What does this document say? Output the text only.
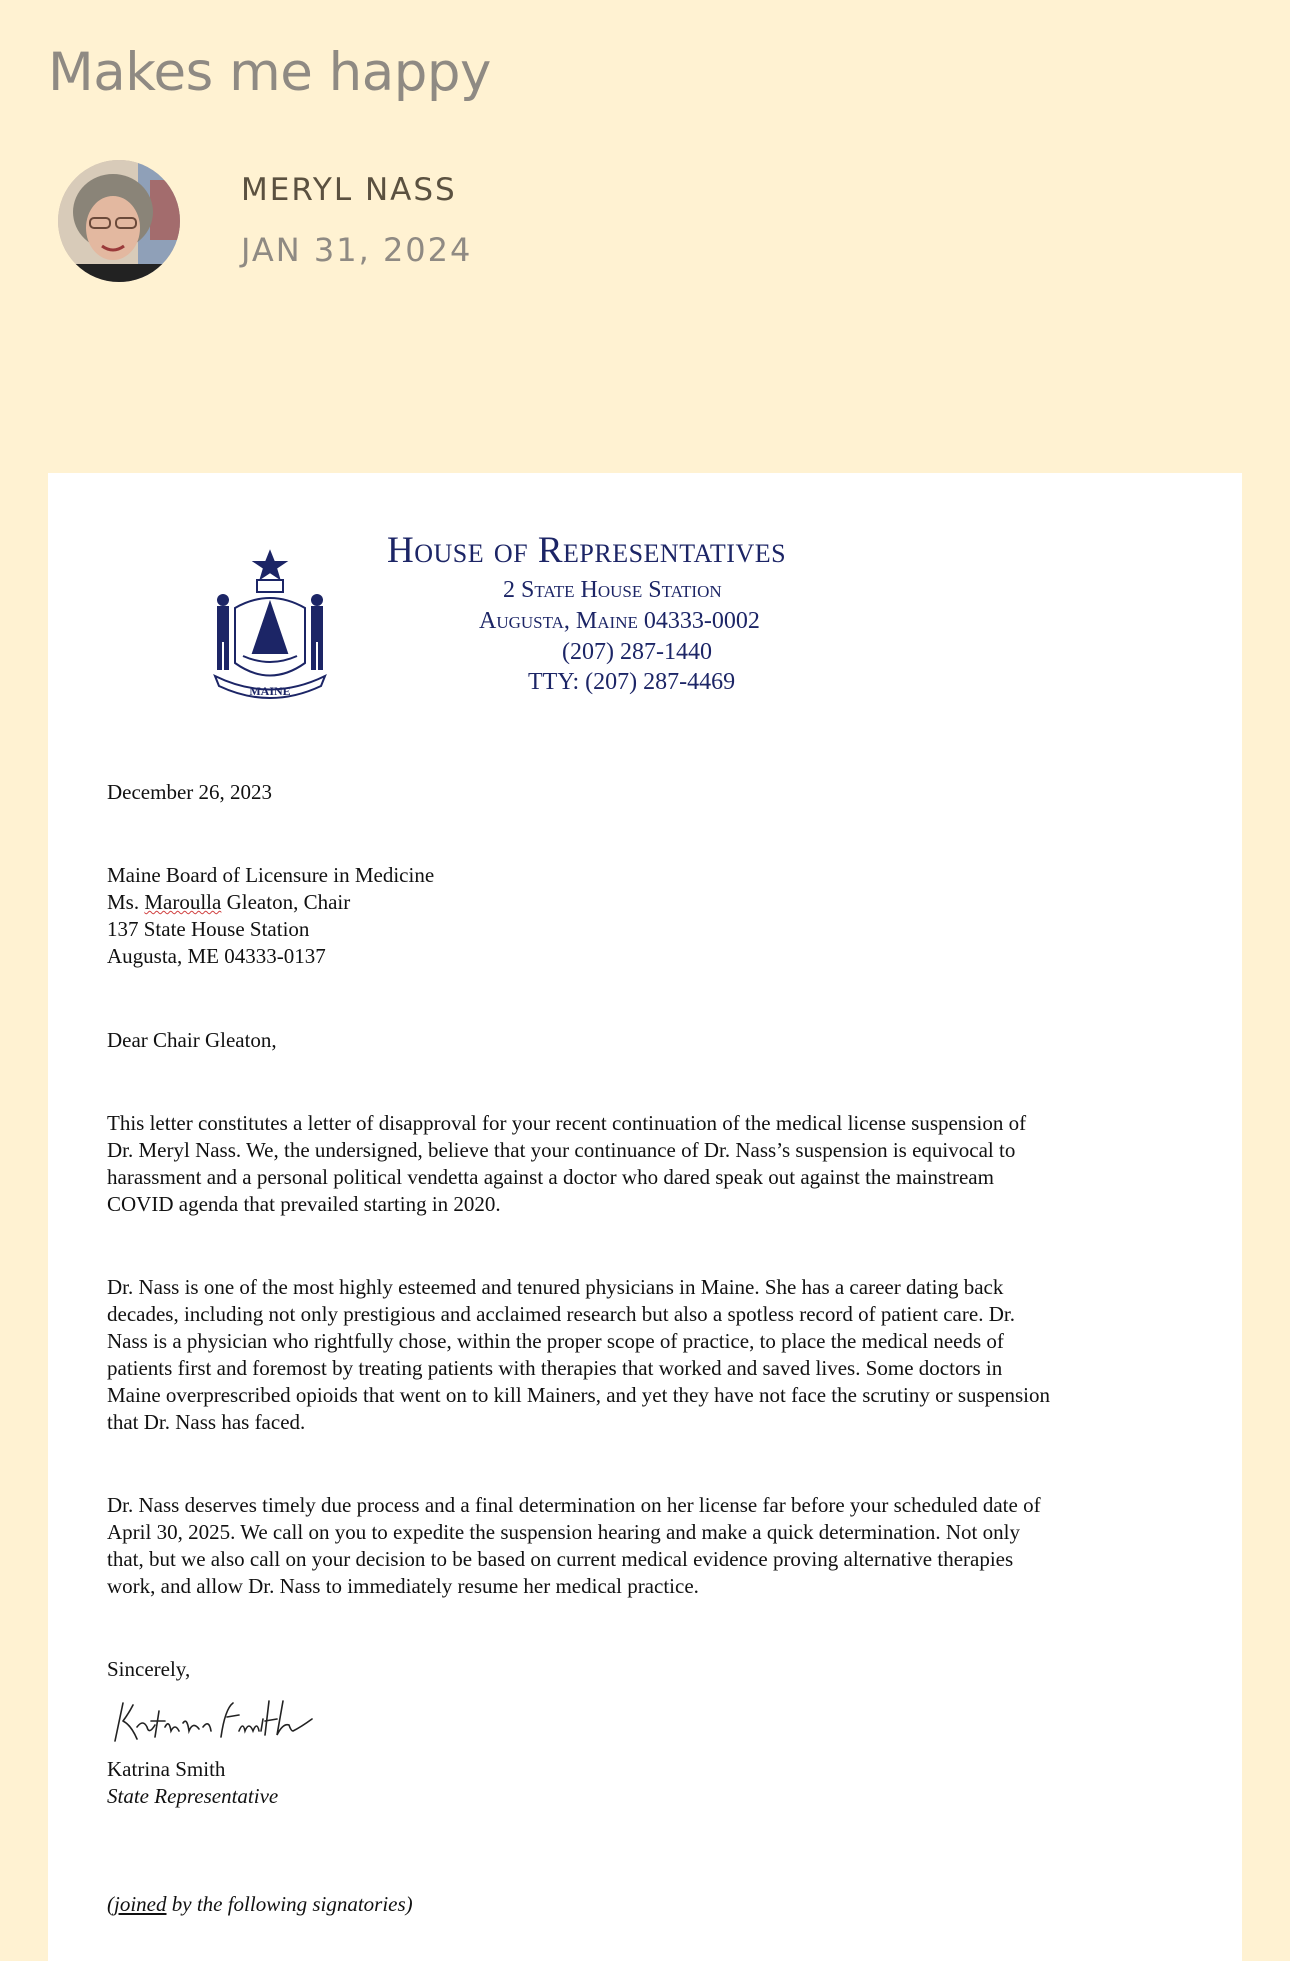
Makes me happy
MERYL NASS
JAN 31, 2024
MAINE
House of Representatives
2 State House Station
Augusta, Maine 04333-0002
(207) 287-1440
TTY: (207) 287-4469
December 26, 2023
Maine Board of Licensure in Medicine
Ms. Maroulla Gleaton, Chair
137 State House Station
Augusta, ME 04333-0137
Dear Chair Gleaton,
This letter constitutes a letter of disapproval for your recent continuation of the medical license suspension of
Dr. Meryl Nass. We, the undersigned, believe that your continuance of Dr. Nass’s suspension is equivocal to
harassment and a personal political vendetta against a doctor who dared speak out against the mainstream
COVID agenda that prevailed starting in 2020.
Dr. Nass is one of the most highly esteemed and tenured physicians in Maine. She has a career dating back
decades, including not only prestigious and acclaimed research but also a spotless record of patient care. Dr.
Nass is a physician who rightfully chose, within the proper scope of practice, to place the medical needs of
patients first and foremost by treating patients with therapies that worked and saved lives. Some doctors in
Maine overprescribed opioids that went on to kill Mainers, and yet they have not face the scrutiny or suspension
that Dr. Nass has faced.
Dr. Nass deserves timely due process and a final determination on her license far before your scheduled date of
April 30, 2025. We call on you to expedite the suspension hearing and make a quick determination. Not only
that, but we also call on your decision to be based on current medical evidence proving alternative therapies
work, and allow Dr. Nass to immediately resume her medical practice.
Sincerely,
Katrina Smith
State Representative
(joined by the following signatories)
